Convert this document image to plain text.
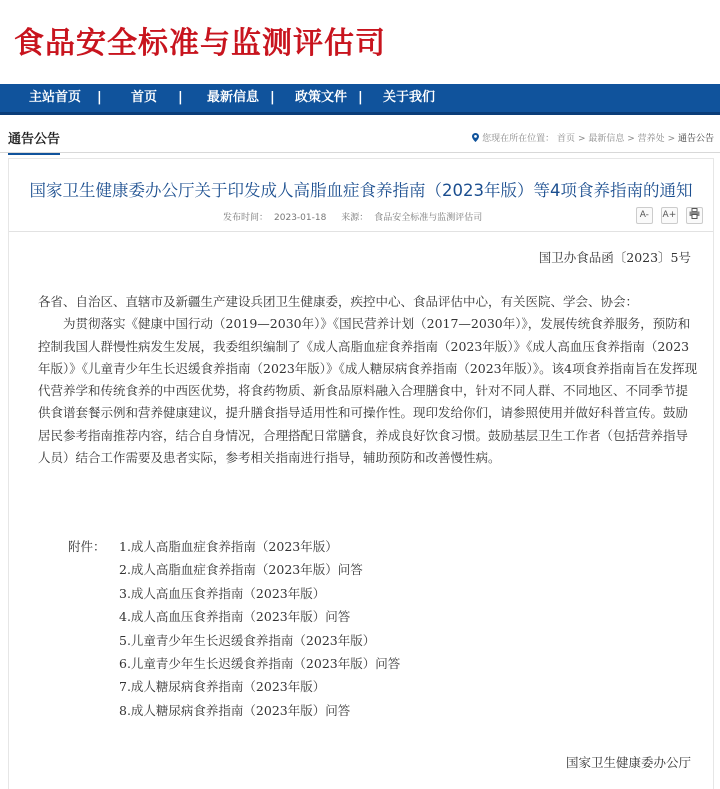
食品安全标准与监测评估司
主站首页 | 首页 | 最新信息 | 政策文件 | 关于我们
通告公告	您现在所在位置： 首页 > 最新信息 > 营养处 > 通告公告
国家卫生健康委办公厅关于印发成人高脂血症食养指南（2023年版）等4项食养指南的通知
发布时间： 2023-01-18 来源： 食品安全标准与监测评估司	A- A+
国卫办食品函〔2023〕5号

各省、自治区、直辖市及新疆生产建设兵团卫生健康委，疾控中心、食品评估中心，有关医院、学会、协会：

为贯彻落实《健康中国行动（2019—2030年）》《国民营养计划（2017—2030年）》，发展传统食养服务，预防和控制我国人群慢性病发生发展，我委组织编制了《成人高脂血症食养指南（2023年版）》《成人高血压食养指南（2023年版）》《儿童青少年生长迟缓食养指南（2023年版）》《成人糖尿病食养指南（2023年版）》。该4项食养指南旨在发挥现代营养学和传统食养的中西医优势，将食药物质、新食品原料融入合理膳食中，针对不同人群、不同地区、不同季节提供食谱套餐示例和营养健康建议，提升膳食指导适用性和可操作性。现印发给你们，请参照使用并做好科普宣传。鼓励居民参考指南推荐内容，结合自身情况，合理搭配日常膳食，养成良好饮食习惯。鼓励基层卫生工作者（包括营养指导人员）结合工作需要及患者实际，参考相关指南进行指导，辅助预防和改善慢性病。

附件： 1.成人高脂血症食养指南（2023年版）
2.成人高脂血症食养指南（2023年版）问答
3.成人高血压食养指南（2023年版）
4.成人高血压食养指南（2023年版）问答
5.儿童青少年生长迟缓食养指南（2023年版）
6.儿童青少年生长迟缓食养指南（2023年版）问答
7.成人糖尿病食养指南（2023年版）
8.成人糖尿病食养指南（2023年版）问答
国家卫生健康委办公厅
